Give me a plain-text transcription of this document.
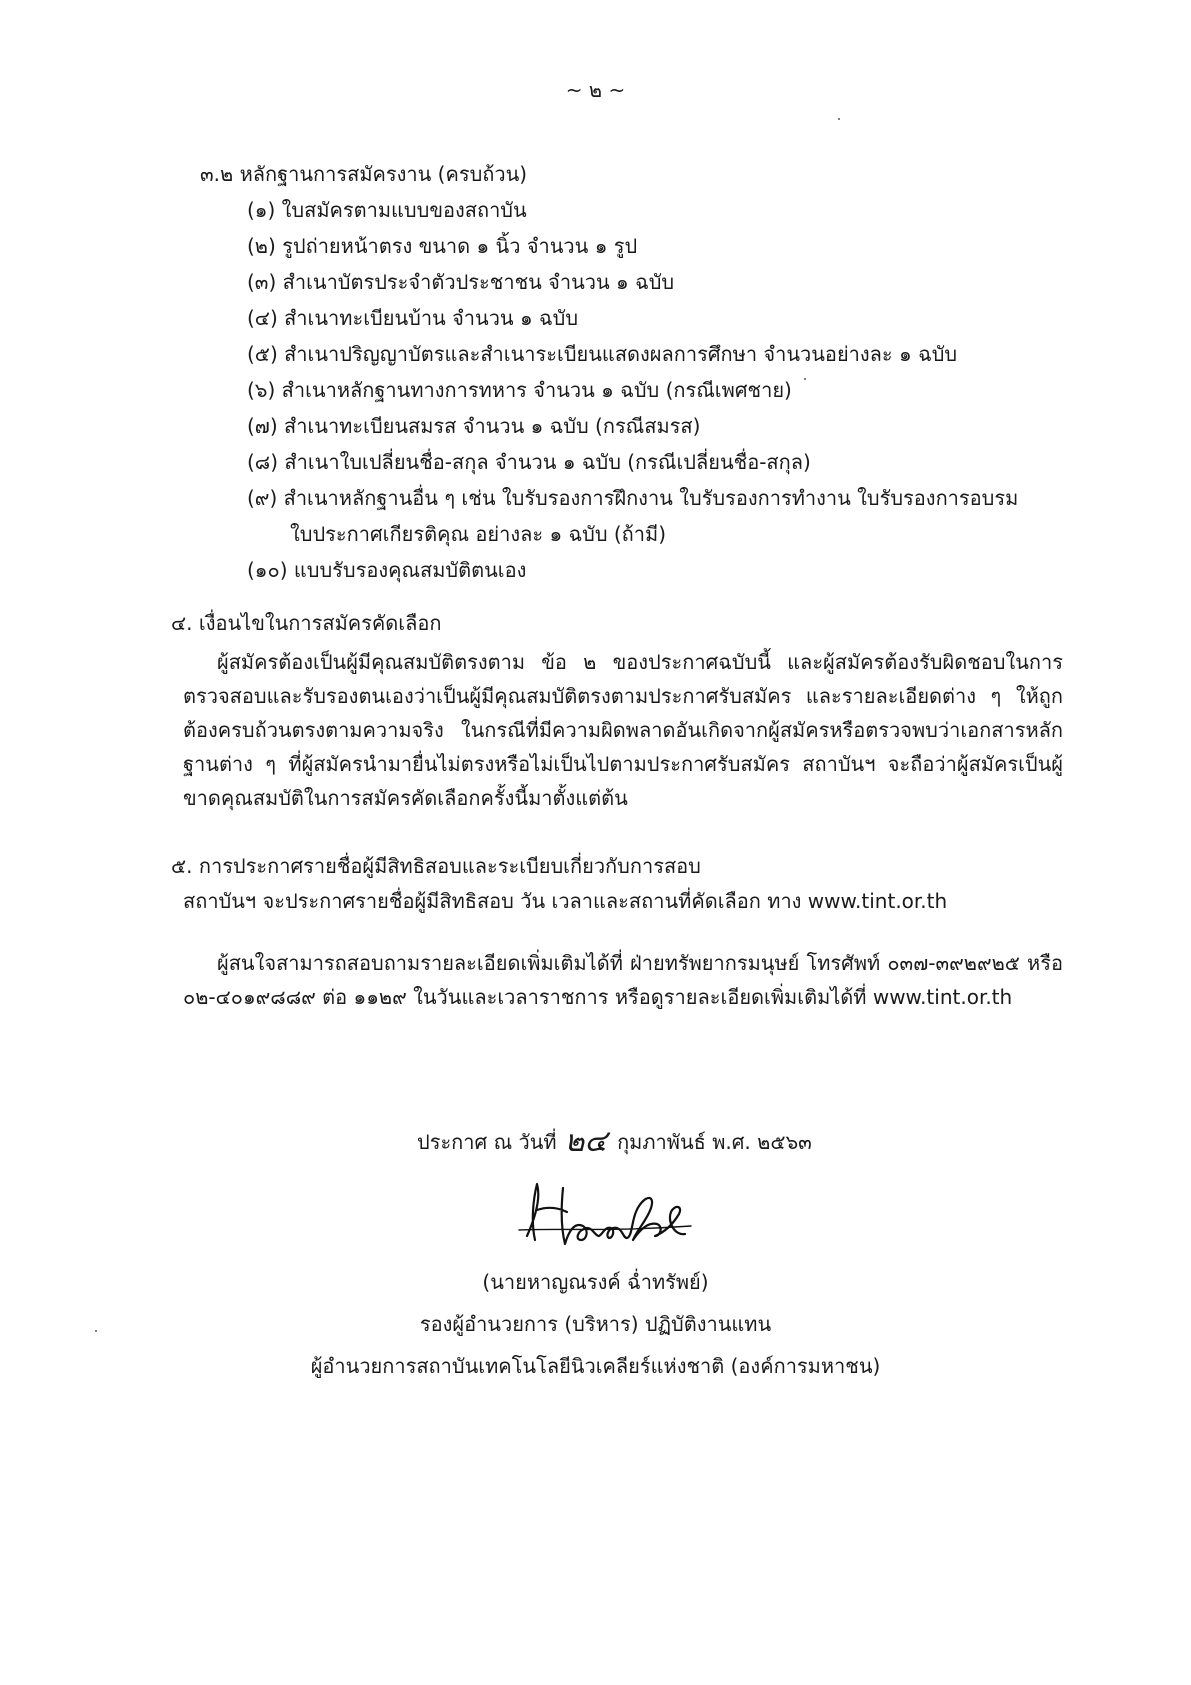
~ ๒ ~
๓.๒ หลักฐานการสมัครงาน (ครบถ้วน)
(๑) ใบสมัครตามแบบของสถาบัน
(๒) รูปถ่ายหน้าตรง ขนาด ๑ นิ้ว จำนวน ๑ รูป
(๓) สำเนาบัตรประจำตัวประชาชน จำนวน ๑ ฉบับ
(๔) สำเนาทะเบียนบ้าน จำนวน ๑ ฉบับ
(๕) สำเนาปริญญาบัตรและสำเนาระเบียนแสดงผลการศึกษา จำนวนอย่างละ ๑ ฉบับ
(๖) สำเนาหลักฐานทางการทหาร จำนวน ๑ ฉบับ (กรณีเพศชาย)
(๗) สำเนาทะเบียนสมรส จำนวน ๑ ฉบับ (กรณีสมรส)
(๘) สำเนาใบเปลี่ยนชื่อ-สกุล จำนวน ๑ ฉบับ (กรณีเปลี่ยนชื่อ-สกุล)
(๙) สำเนาหลักฐานอื่น ๆ เช่น ใบรับรองการฝึกงาน ใบรับรองการทำงาน ใบรับรองการอบรม
ใบประกาศเกียรติคุณ อย่างละ ๑ ฉบับ (ถ้ามี)
(๑๐) แบบรับรองคุณสมบัติตนเอง
๔. เงื่อนไขในการสมัครคัดเลือก
ผู้สมัครต้องเป็นผู้มีคุณสมบัติตรงตาม ข้อ ๒ ของประกาศฉบับนี้ และผู้สมัครต้องรับผิดชอบในการตรวจสอบและรับรองตนเองว่าเป็นผู้มีคุณสมบัติตรงตามประกาศรับสมัคร และรายละเอียดต่าง ๆ ให้ถูกต้องครบถ้วนตรงตามความจริง ในกรณีที่มีความผิดพลาดอันเกิดจากผู้สมัครหรือตรวจพบว่าเอกสารหลักฐานต่าง ๆ ที่ผู้สมัครนำมายื่นไม่ตรงหรือไม่เป็นไปตามประกาศรับสมัคร สถาบันฯ จะถือว่าผู้สมัครเป็นผู้ขาดคุณสมบัติในการสมัครคัดเลือกครั้งนี้มาตั้งแต่ต้น
๕. การประกาศรายชื่อผู้มีสิทธิสอบและระเบียบเกี่ยวกับการสอบ
สถาบันฯ จะประกาศรายชื่อผู้มีสิทธิสอบ วัน เวลาและสถานที่คัดเลือก ทาง www.tint.or.th
ผู้สนใจสามารถสอบถามรายละเอียดเพิ่มเติมได้ที่ ฝ่ายทรัพยากรมนุษย์ โทรศัพท์ ๐๓๗-๓๙๒๙๒๕ หรือ ๐๒-๔๐๑๙๘๘๙ ต่อ ๑๑๒๙ ในวันและเวลาราชการ หรือดูรายละเอียดเพิ่มเติมได้ที่ www.tint.or.th
ประกาศ ณ วันที่ ๒๔ กุมภาพันธ์ พ.ศ. ๒๕๖๓
(นายหาญณรงค์ ฉ่ำทรัพย์)
รองผู้อำนวยการ (บริหาร) ปฏิบัติงานแทน
ผู้อำนวยการสถาบันเทคโนโลยีนิวเคลียร์แห่งชาติ (องค์การมหาชน)
